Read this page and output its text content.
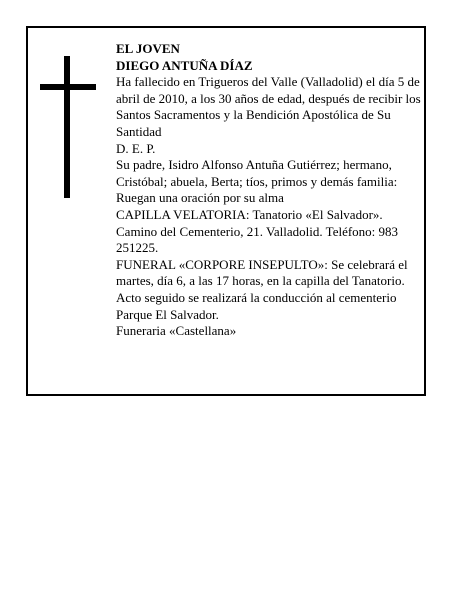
EL JOVEN

DIEGO ANTUÑA DÍAZ

Ha fallecido en Trigueros del Valle (Valladolid) el día 5 de abril de 2010, a los 30 años de edad, después de recibir los Santos Sacramentos y la Bendición Apostólica de Su Santidad

D. E. P.

Su padre, Isidro Alfonso Antuña Gutiérrez; hermano, Cristóbal; abuela, Berta; tíos, primos y demás familia:

Ruegan una oración por su alma

CAPILLA VELATORIA: Tanatorio «El Salvador». Camino del Cementerio, 21. Valladolid. Teléfono: 983 251225.

FUNERAL «CORPORE INSEPULTO»: Se celebrará el martes, día 6, a las 17 horas, en la capilla del Tanatorio. Acto seguido se realizará la conducción al cementerio Parque El Salvador.

Funeraria «Castellana»
